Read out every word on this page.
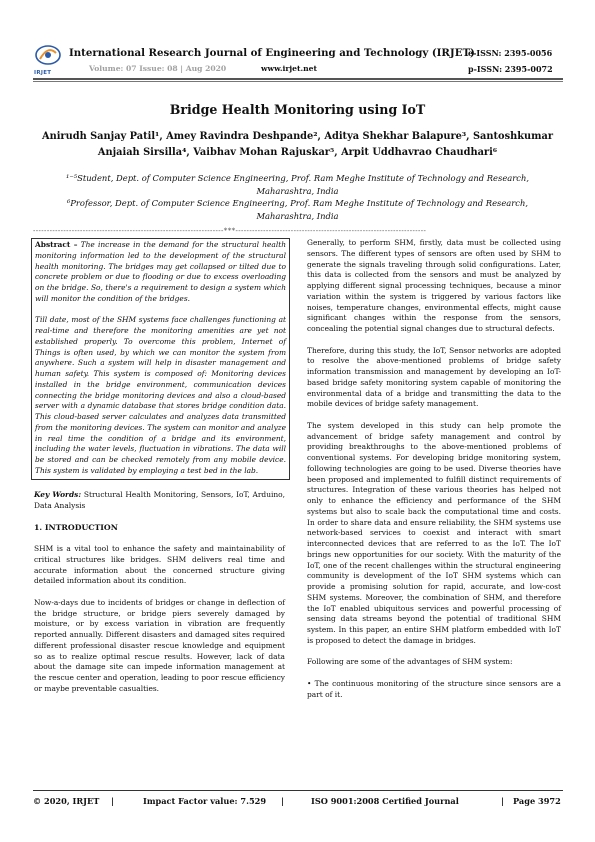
IRJET
International Research Journal of Engineering and Technology (IRJET)
Volume: 07 Issue: 08 | Aug 2020	www.irjet.net
e-ISSN: 2395-0056
p-ISSN: 2395-0072
Bridge Health Monitoring using IoT
Anirudh Sanjay Patil¹, Amey Ravindra Deshpande², Aditya Shekhar Balapure³, Santoshkumar
Anjaiah Sirsilla⁴, Vaibhav Mohan Rajuskar⁵, Arpit Uddhavrao Chaudhari⁶
¹⁻⁵Student, Dept. of Computer Science Engineering, Prof. Ram Meghe Institute of Technology and Research, Maharashtra, India
⁶Professor, Dept. of Computer Science Engineering, Prof. Ram Meghe Institute of Technology and Research, Maharashtra, India
---------------------------------------------------------------------***---------------------------------------------------------------------

Abstract – The increase in the demand for the structural health monitoring information led to the development of the structural health monitoring. The bridges may get collapsed or tilted due to concrete problem or due to flooding or due to excess overloading on the bridge. So, there's a requirement to design a system which will monitor the condition of the bridges.

Till date, most of the SHM systems face challenges functioning at real-time and therefore the monitoring amenities are yet not established properly. To overcome this problem, Internet of Things is often used, by which we can monitor the system from anywhere. Such a system will help in disaster management and human safety. This system is composed of: Monitoring devices installed in the bridge environment, communication devices connecting the bridge monitoring devices and also a cloud-based server with a dynamic database that stores bridge condition data. This cloud-based server calculates and analyzes data transmitted from the monitoring devices. The system can monitor and analyze in real time the condition of a bridge and its environment, including the water levels, fluctuation in vibrations. The data will be stored and can be checked remotely from any mobile device. This system is validated by employing a test bed in the lab.

Key Words: Structural Health Monitoring, Sensors, IoT, Arduino, Data Analysis

1. INTRODUCTION

SHM is a vital tool to enhance the safety and maintainability of critical structures like bridges. SHM delivers real time and accurate information about the concerned structure giving detailed information about its condition.

Now-a-days due to incidents of bridges or change in deflection of the bridge structure, or bridge piers severely damaged by moisture, or by excess variation in vibration are frequently reported annually. Different disasters and damaged sites required different professional disaster rescue knowledge and equipment so as to realize optimal rescue results. However, lack of data about the damage site can impede information management at the rescue center and operation, leading to poor rescue efficiency or maybe preventable casualties.

Generally, to perform SHM, firstly, data must be collected using sensors. The different types of sensors are often used by SHM to generate the signals traveling through solid configurations. Later, this data is collected from the sensors and must be analyzed by applying different signal processing techniques, because a minor variation within the system is triggered by various factors like noises, temperature changes, environmental effects, might cause significant changes within the response from the sensors, concealing the potential signal changes due to structural defects.

Therefore, during this study, the IoT, Sensor networks are adopted to resolve the above-mentioned problems of bridge safety information transmission and management by developing an IoT-based bridge safety monitoring system capable of monitoring the environmental data of a bridge and transmitting the data to the mobile devices of bridge safety management.

The system developed in this study can help promote the advancement of bridge safety management and control by providing breakthroughs to the above-mentioned problems of conventional systems. For developing bridge monitoring system, following technologies are going to be used. Diverse theories have been proposed and implemented to fulfill distinct requirements of structures. Integration of these various theories has helped not only to enhance the efficiency and performance of the SHM systems but also to scale back the computational time and costs. In order to share data and ensure reliability, the SHM systems use network-based services to coexist and interact with smart interconnected devices that are referred to as the IoT. The IoT brings new opportunities for our society. With the maturity of the IoT, one of the recent challenges within the structural engineering community is development of the IoT SHM systems which can provide a promising solution for rapid, accurate, and low-cost SHM systems. Moreover, the combination of SHM, and therefore the IoT enabled ubiquitous services and powerful processing of sensing data streams beyond the potential of traditional SHM system. In this paper, an entire SHM platform embedded with IoT is proposed to detect the damage in bridges.

Following are some of the advantages of SHM system:

• The continuous monitoring of the structure since sensors are a part of it.

© 2020, IRJET |	Impact Factor value: 7.529 |	ISO 9001:2008 Certified Journal	| Page 3972
